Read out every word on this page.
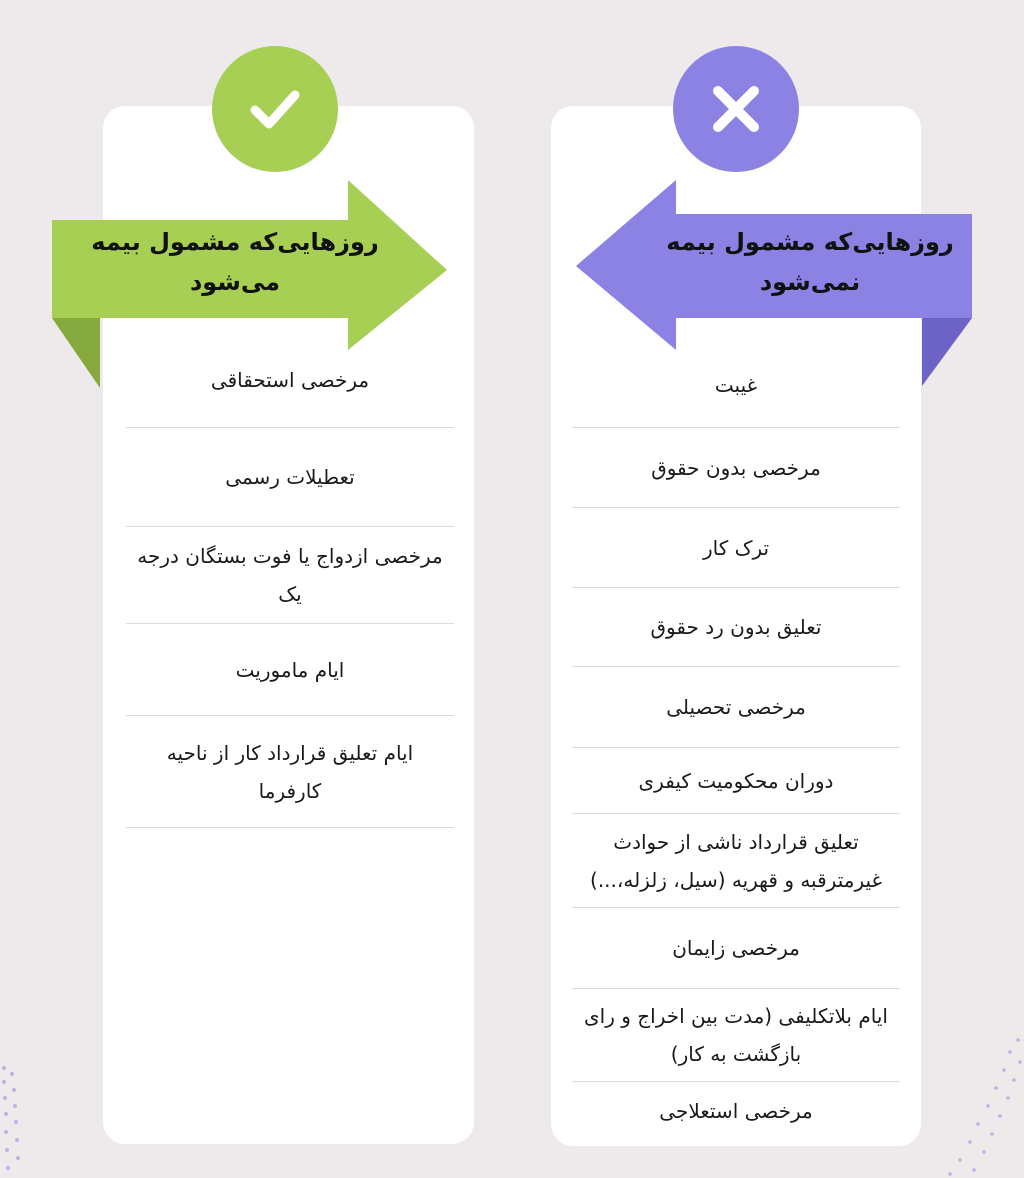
روزهایی‌که مشمول بیمه
می‌شود
روزهایی‌که مشمول بیمه
نمی‌شود
مرخصی استحقاقی
تعطیلات رسمی
مرخصی ازدواج یا فوت بستگان درجه یک
ایام ماموریت
ایام تعلیق قرارداد کار از ناحیه کارفرما
غیبت
مرخصی بدون حقوق
ترک کار
تعلیق بدون رد حقوق
مرخصی تحصیلی
دوران محکومیت کیفری
تعلیق قرارداد ناشی از حوادث غیرمترقبه و قهریه (سیل، زلزله،...)
مرخصی زایمان
ایام بلاتکلیفی (مدت بین اخراج و رای بازگشت به کار)
مرخصی استعلاجی
